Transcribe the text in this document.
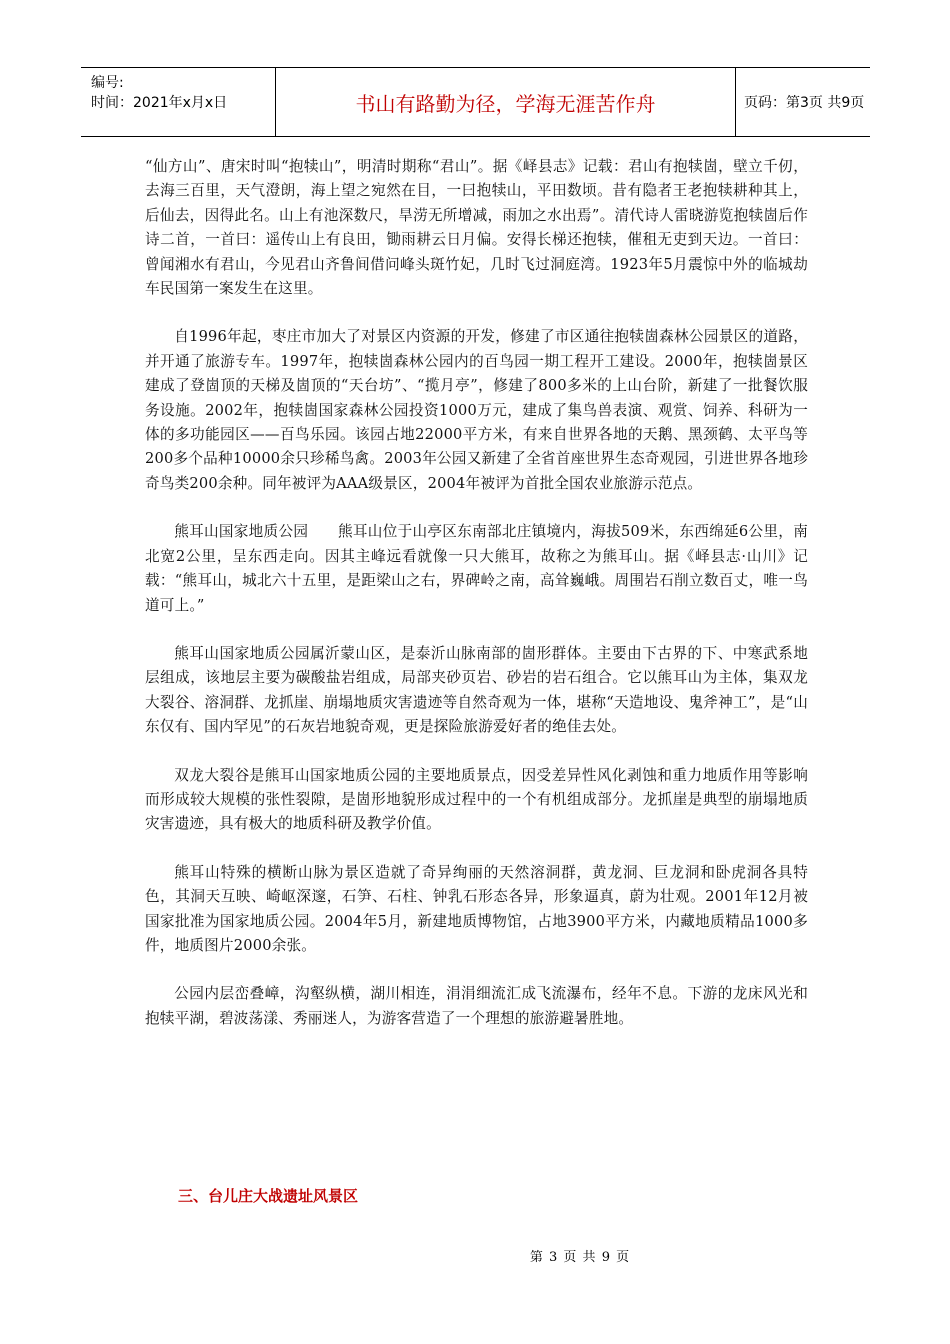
编号:
时间：2021年x月x日	书山有路勤为径，学海无涯苦作舟	页码：第3页 共9页

“仙方山”、唐宋时叫“抱犊山”，明清时期称“君山”。据《峄县志》记载：君山有抱犊崮，壁立千仞，去海三百里，天气澄朗，海上望之宛然在目，一曰抱犊山，平田数顷。昔有隐者王老抱犊耕种其上，后仙去，因得此名。山上有池深数尺，旱涝无所增减，雨加之水出焉”。清代诗人雷晓游览抱犊崮后作诗二首，一首曰：遥传山上有良田，锄雨耕云日月偏。安得长梯还抱犊，催租无吏到天边。一首曰：曾闻湘水有君山，今见君山齐鲁间借问峰头斑竹妃，几时飞过洞庭湾。1923年5月震惊中外的临城劫车民国第一案发生在这里。

自1996年起，枣庄市加大了对景区内资源的开发，修建了市区通往抱犊崮森林公园景区的道路，并开通了旅游专车。1997年，抱犊崮森林公园内的百鸟园一期工程开工建设。2000年，抱犊崮景区建成了登崮顶的天梯及崮顶的“天台坊”、“揽月亭”，修建了800多米的上山台阶，新建了一批餐饮服务设施。2002年，抱犊崮国家森林公园投资1000万元，建成了集鸟兽表演、观赏、饲养、科研为一体的多功能园区——百鸟乐园。该园占地22000平方米，有来自世界各地的天鹅、黑颈鹤、太平鸟等200多个品种10000余只珍稀鸟禽。2003年公园又新建了全省首座世界生态奇观园，引进世界各地珍奇鸟类200余种。同年被评为AAA级景区，2004年被评为首批全国农业旅游示范点。

熊耳山国家地质公园　　熊耳山位于山亭区东南部北庄镇境内，海拔509米，东西绵延6公里，南北宽2公里，呈东西走向。因其主峰远看就像一只大熊耳，故称之为熊耳山。据《峄县志·山川》记载：“熊耳山，城北六十五里，是距梁山之右，界碑岭之南，高耸巍峨。周围岩石削立数百丈，唯一鸟道可上。”

熊耳山国家地质公园属沂蒙山区，是泰沂山脉南部的崮形群体。主要由下古界的下、中寒武系地层组成，该地层主要为碳酸盐岩组成，局部夹砂页岩、砂岩的岩石组合。它以熊耳山为主体，集双龙大裂谷、溶洞群、龙抓崖、崩塌地质灾害遗迹等自然奇观为一体，堪称“天造地设、鬼斧神工”，是“山东仅有、国内罕见”的石灰岩地貌奇观，更是探险旅游爱好者的绝佳去处。

双龙大裂谷是熊耳山国家地质公园的主要地质景点，因受差异性风化剥蚀和重力地质作用等影响而形成较大规模的张性裂隙，是崮形地貌形成过程中的一个有机组成部分。龙抓崖是典型的崩塌地质灾害遗迹，具有极大的地质科研及教学价值。

熊耳山特殊的横断山脉为景区造就了奇异绚丽的天然溶洞群，黄龙洞、巨龙洞和卧虎洞各具特色，其洞天互映、崎岖深邃，石笋、石柱、钟乳石形态各异，形象逼真，蔚为壮观。2001年12月被国家批准为国家地质公园。2004年5月，新建地质博物馆，占地3900平方米，内藏地质精品1000多件，地质图片2000余张。

公园内层峦叠嶂，沟壑纵横，湖川相连，涓涓细流汇成飞流瀑布，经年不息。下游的龙床风光和抱犊平湖，碧波荡漾、秀丽迷人，为游客营造了一个理想的旅游避暑胜地。

三、台儿庄大战遗址风景区
第 3 页 共 9 页
